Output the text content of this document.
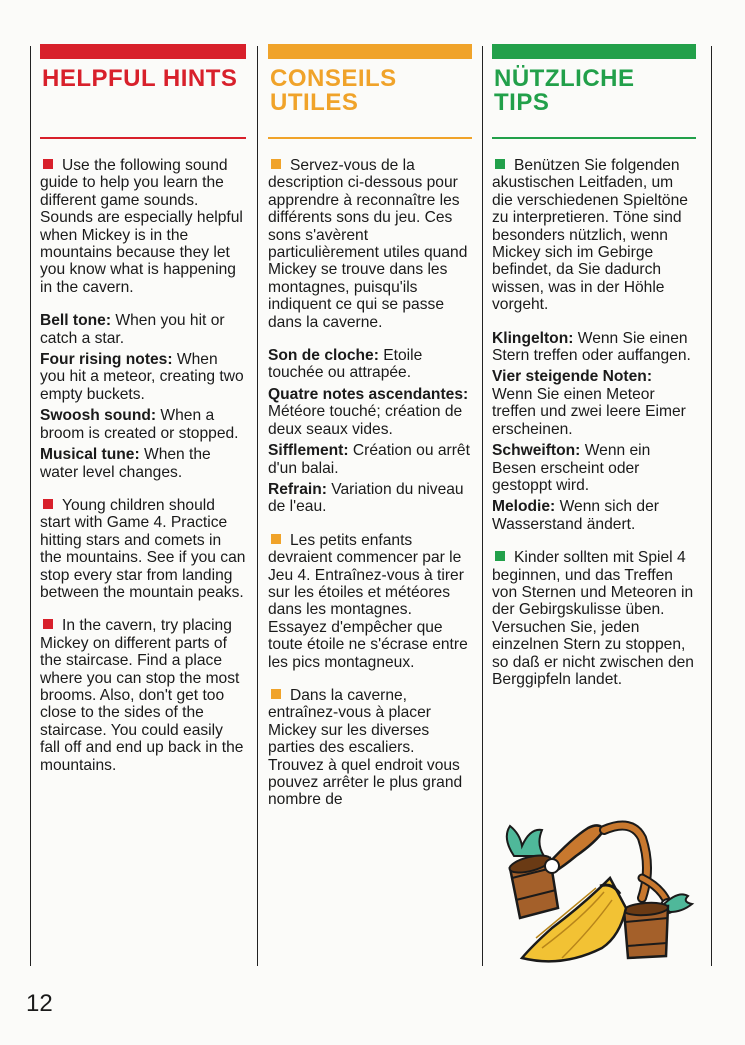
HELPFUL HINTS

Use the following sound guide to help you learn the different game sounds. Sounds are especially helpful when Mickey is in the mountains because they let you know what is happening in the cavern.

Bell tone: When you hit or catch a star.

Four rising notes: When you hit a meteor, creating two empty buckets.

Swoosh sound: When a broom is created or stopped.

Musical tune: When the water level changes.

Young children should start with Game 4. Practice hitting stars and comets in the mountains. See if you can stop every star from landing between the mountain peaks.

In the cavern, try placing Mickey on different parts of the staircase. Find a place where you can stop the most brooms. Also, don't get too close to the sides of the staircase. You could easily fall off and end up back in the mountains.

CONSEILS UTILES

Servez-vous de la description ci-dessous pour apprendre à reconnaître les différents sons du jeu. Ces sons s'avèrent particulièrement utiles quand Mickey se trouve dans les montagnes, puisqu'ils indiquent ce qui se passe dans la caverne.

Son de cloche: Etoile touchée ou attrapée.

Quatre notes ascendantes: Météore touché; création de deux seaux vides.

Sifflement: Création ou arrêt d'un balai.

Refrain: Variation du niveau de l'eau.

Les petits enfants devraient commencer par le Jeu 4. Entraînez-vous à tirer sur les étoiles et météores dans les montagnes. Essayez d'empêcher que toute étoile ne s'écrase entre les pics montagneux.

Dans la caverne, entraînez-vous à placer Mickey sur les diverses parties des escaliers. Trouvez à quel endroit vous pouvez arrêter le plus grand nombre de

NÜTZLICHE TIPS

Benützen Sie folgenden akustischen Leitfaden, um die verschiedenen Spieltöne zu interpretieren. Töne sind besonders nützlich, wenn Mickey sich im Gebirge befindet, da Sie dadurch wissen, was in der Höhle vorgeht.

Klingelton: Wenn Sie einen Stern treffen oder auffangen.

Vier steigende Noten: Wenn Sie einen Meteor treffen und zwei leere Eimer erscheinen.

Schweifton: Wenn ein Besen erscheint oder gestoppt wird.

Melodie: Wenn sich der Wasserstand ändert.

Kinder sollten mit Spiel 4 beginnen, und das Treffen von Sternen und Meteoren in der Gebirgskulisse üben. Versuchen Sie, jeden einzelnen Stern zu stoppen, so daß er nicht zwischen den Berggipfeln landet.

12
